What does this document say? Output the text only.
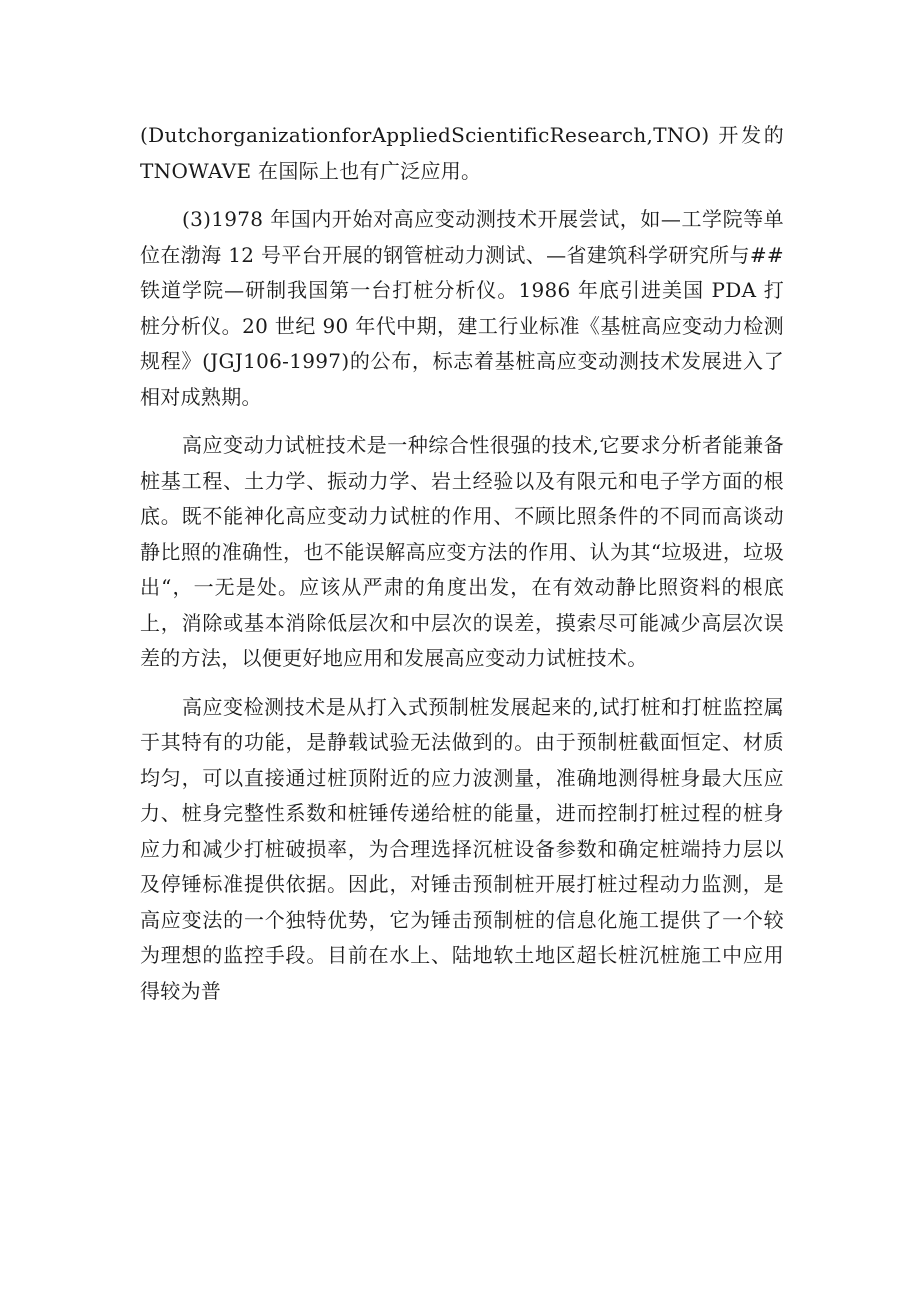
(DutchorganizationforAppliedScientificResearch,TNO) 开发的 TNOWAVE 在国际上也有广泛应用。

(3)1978 年国内开始对高应变动测技术开展尝试，如—工学院等单位在渤海 12 号平台开展的钢管桩动力测试、—省建筑科学研究所与##铁道学院—研制我国第一台打桩分析仪。1986 年底引进美国 PDA 打桩分析仪。20 世纪 90 年代中期，建工行业标准《基桩高应变动力检测规程》(JGJ106-1997)的公布，标志着基桩高应变动测技术发展进入了相对成熟期。

高应变动力试桩技术是一种综合性很强的技术,它要求分析者能兼备桩基工程、土力学、振动力学、岩土经验以及有限元和电子学方面的根底。既不能神化高应变动力试桩的作用、不顾比照条件的不同而高谈动静比照的准确性，也不能误解高应变方法的作用、认为其“垃圾进，垃圾出“，一无是处。应该从严肃的角度出发，在有效动静比照资料的根底上，消除或基本消除低层次和中层次的误差，摸索尽可能减少高层次误差的方法，以便更好地应用和发展高应变动力试桩技术。

高应变检测技术是从打入式预制桩发展起来的,试打桩和打桩监控属于其特有的功能，是静载试验无法做到的。由于预制桩截面恒定、材质均匀，可以直接通过桩顶附近的应力波测量，准确地测得桩身最大压应力、桩身完整性系数和桩锤传递给桩的能量，进而控制打桩过程的桩身应力和减少打桩破损率，为合理选择沉桩设备参数和确定桩端持力层以及停锤标准提供依据。因此，对锤击预制桩开展打桩过程动力监测，是高应变法的一个独特优势，它为锤击预制桩的信息化施工提供了一个较为理想的监控手段。目前在水上、陆地软土地区超长桩沉桩施工中应用得较为普
